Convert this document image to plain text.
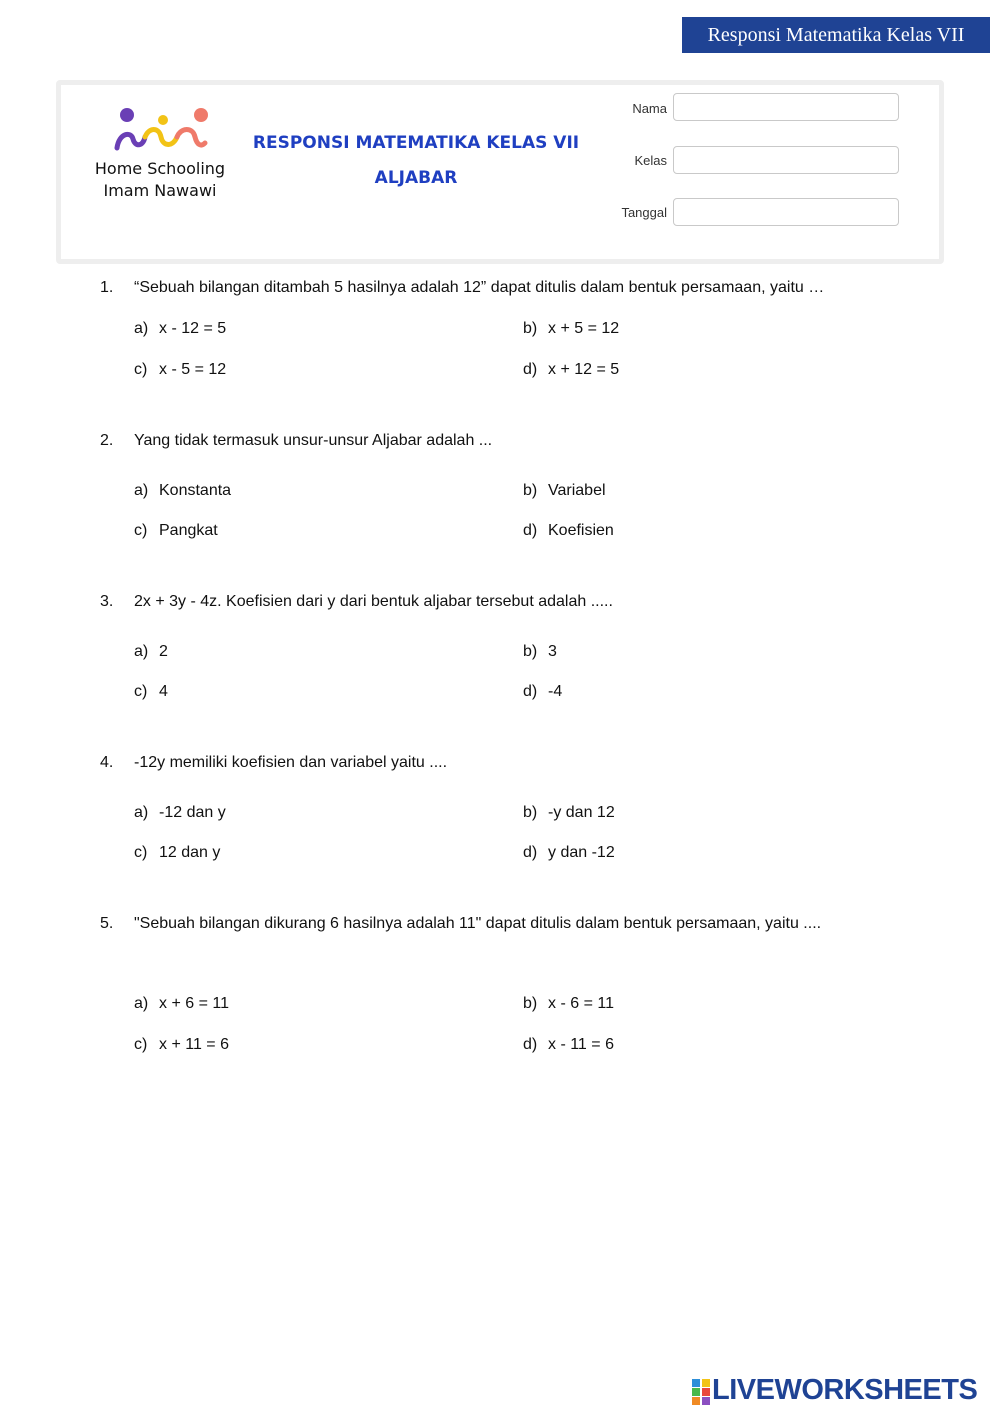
Responsi Matematika Kelas VII
Home Schooling
Imam Nawawi
RESPONSI MATEMATIKA KELAS VII
ALJABAR
Nama
Kelas
Tanggal
1. “Sebuah bilangan ditambah 5 hasilnya adalah 12” dapat ditulis dalam bentuk persamaan, yaitu …
a) x - 12 = 5	b) x + 5 = 12
c) x - 5 = 12	d) x + 12 = 5
2. Yang tidak termasuk unsur-unsur Aljabar adalah ...
a) Konstanta	b) Variabel
c) Pangkat	d) Koefisien
3. 2x + 3y - 4z. Koefisien dari y dari bentuk aljabar tersebut adalah .....
a) 2	b) 3
c) 4	d) -4
4. -12y memiliki koefisien dan variabel yaitu ....
a) -12 dan y	b) -y dan 12
c) 12 dan y	d) y dan -12
5. "Sebuah bilangan dikurang 6 hasilnya adalah 11" dapat ditulis dalam bentuk persamaan, yaitu ....
a) x + 6 = 11	b) x - 6 = 11
c) x + 11 = 6	d) x - 11 = 6
LIVEWORKSHEETS
